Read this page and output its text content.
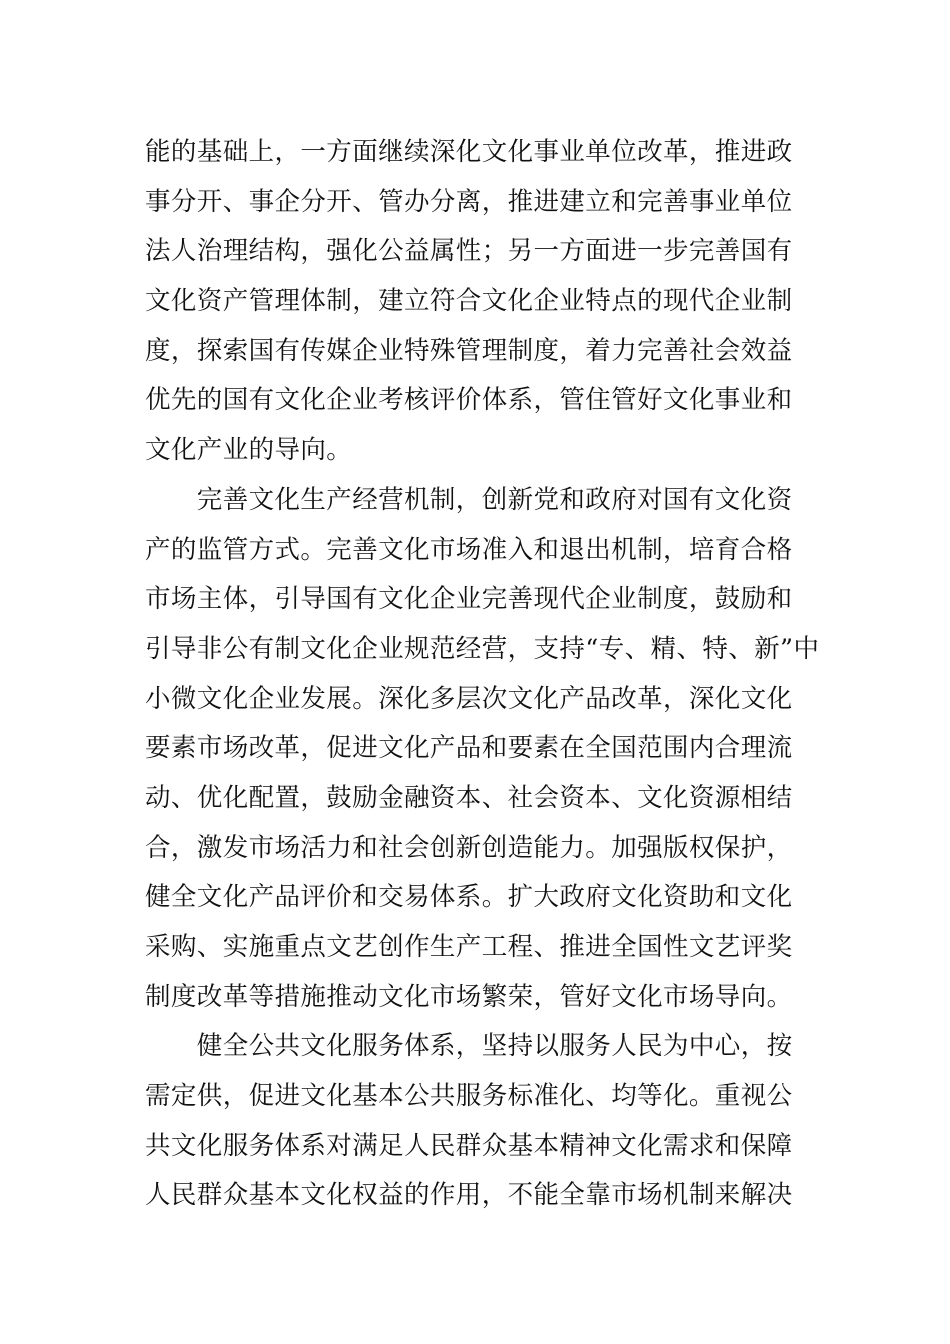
能的基础上，一方面继续深化文化事业单位改革，推进政
事分开、事企分开、管办分离，推进建立和完善事业单位
法人治理结构，强化公益属性；另一方面进一步完善国有
文化资产管理体制，建立符合文化企业特点的现代企业制
度，探索国有传媒企业特殊管理制度，着力完善社会效益
优先的国有文化企业考核评价体系，管住管好文化事业和
文化产业的导向。
　　完善文化生产经营机制，创新党和政府对国有文化资
产的监管方式。完善文化市场准入和退出机制，培育合格
市场主体，引导国有文化企业完善现代企业制度，鼓励和
引导非公有制文化企业规范经营，支持“专、精、特、新”中
小微文化企业发展。深化多层次文化产品改革，深化文化
要素市场改革，促进文化产品和要素在全国范围内合理流
动、优化配置，鼓励金融资本、社会资本、文化资源相结
合，激发市场活力和社会创新创造能力。加强版权保护，
健全文化产品评价和交易体系。扩大政府文化资助和文化
采购、实施重点文艺创作生产工程、推进全国性文艺评奖
制度改革等措施推动文化市场繁荣，管好文化市场导向。
　　健全公共文化服务体系，坚持以服务人民为中心，按
需定供，促进文化基本公共服务标准化、均等化。重视公
共文化服务体系对满足人民群众基本精神文化需求和保障
人民群众基本文化权益的作用，不能全靠市场机制来解决
